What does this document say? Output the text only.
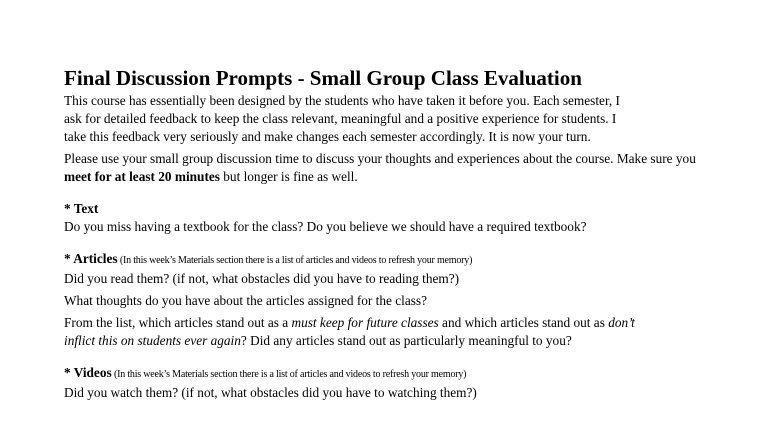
Final Discussion Prompts - Small Group Class Evaluation

This course has essentially been designed by the students who have taken it before you. Each semester, I ask for detailed feedback to keep the class relevant, meaningful and a positive experience for students. I take this feedback very seriously and make changes each semester accordingly. It is now your turn.

Please use your small group discussion time to discuss your thoughts and experiences about the course. Make sure you meet for at least 20 minutes but longer is fine as well.

* Text

Do you miss having a textbook for the class? Do you believe we should have a required textbook?

* Articles (In this week’s Materials section there is a list of articles and videos to refresh your memory)

Did you read them? (if not, what obstacles did you have to reading them?)

What thoughts do you have about the articles assigned for the class?

From the list, which articles stand out as a must keep for future classes and which articles stand out as don’t inflict this on students ever again? Did any articles stand out as particularly meaningful to you?

* Videos (In this week’s Materials section there is a list of articles and videos to refresh your memory)

Did you watch them? (if not, what obstacles did you have to watching them?)
